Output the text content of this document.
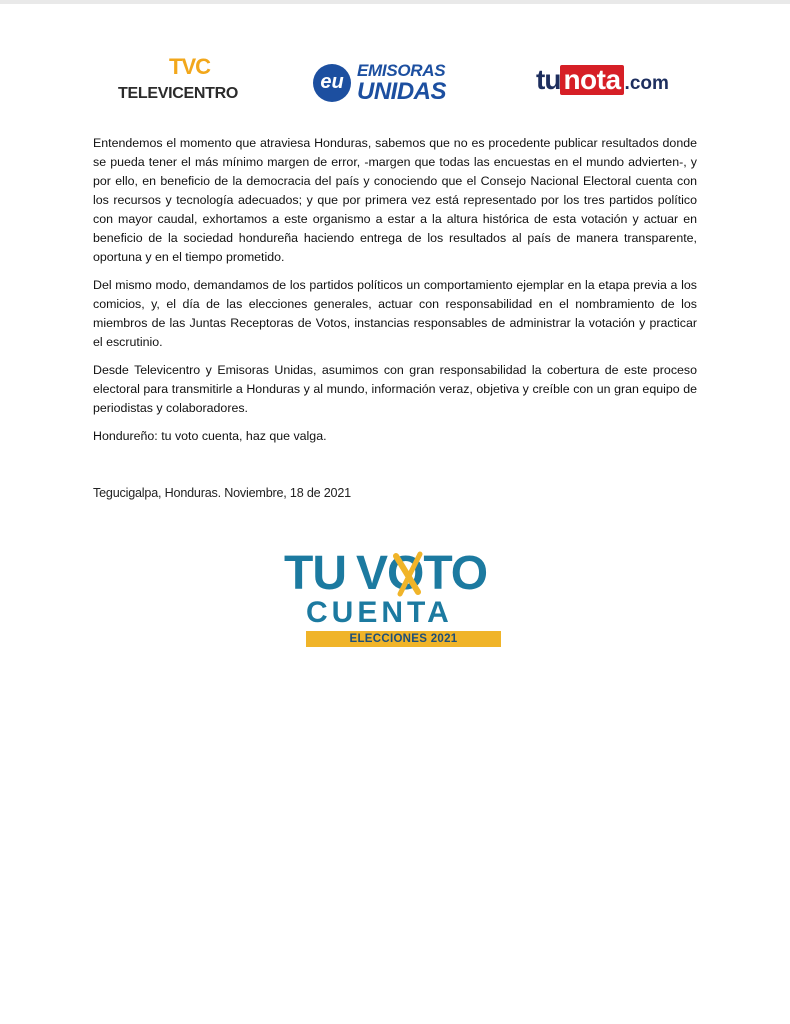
TVC
TELEVICENTRO
eu
EMISORAS
UNIDAS	tu nota .com

Entendemos el momento que atraviesa Honduras, sabemos que no es procedente publicar resultados donde se pueda tener el más mínimo margen de error, -margen que todas las encuestas en el mundo advierten-, y por ello, en beneficio de la democracia del país y conociendo que el Consejo Nacional Electoral cuenta con los recursos y tecnología adecuados; y que por primera vez está representado por los tres partidos político con mayor caudal, exhortamos a este organismo a estar a la altura histórica de esta votación y actuar en beneficio de la sociedad hondureña haciendo entrega de los resultados al país de manera transparente, oportuna y en el tiempo prometido.

Del mismo modo, demandamos de los partidos políticos un comportamiento ejemplar en la etapa previa a los comicios, y, el día de las elecciones generales, actuar con responsabilidad en el nombramiento de los miembros de las Juntas Receptoras de Votos, instancias responsables de administrar la votación y practicar el escrutinio.

Desde Televicentro y Emisoras Unidas, asumimos con gran responsabilidad la cobertura de este proceso electoral para transmitirle a Honduras y al mundo, información veraz, objetiva y creíble con un gran equipo de periodistas y colaboradores.

Hondureño: tu voto cuenta, haz que valga.

Tegucigalpa, Honduras. Noviembre, 18 de 2021
TU VOTO
CUENTA
ELECCIONES 2021
